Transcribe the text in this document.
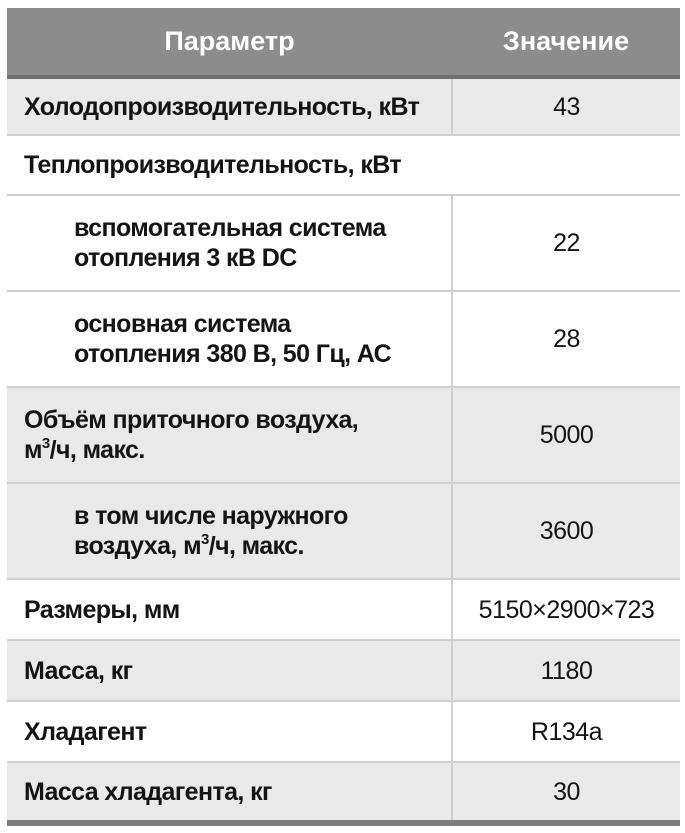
Параметр	Значение
Холодопроизводительность, кВт	43
Теплопроизводительность, кВт	
вспомогательная система
отопления 3 кВ DC	22
основная система
отопления 380 В, 50 Гц, АС	28
Объём приточного воздуха,
$м^3/ч$, макс.	5000
в том числе наружного
воздуха, $м^3/ч$, макс.	3600
Размеры, мм	5150×2900×723
Масса, кг	1180
Хладагент	R134a
Масса хладагента, кг	30
